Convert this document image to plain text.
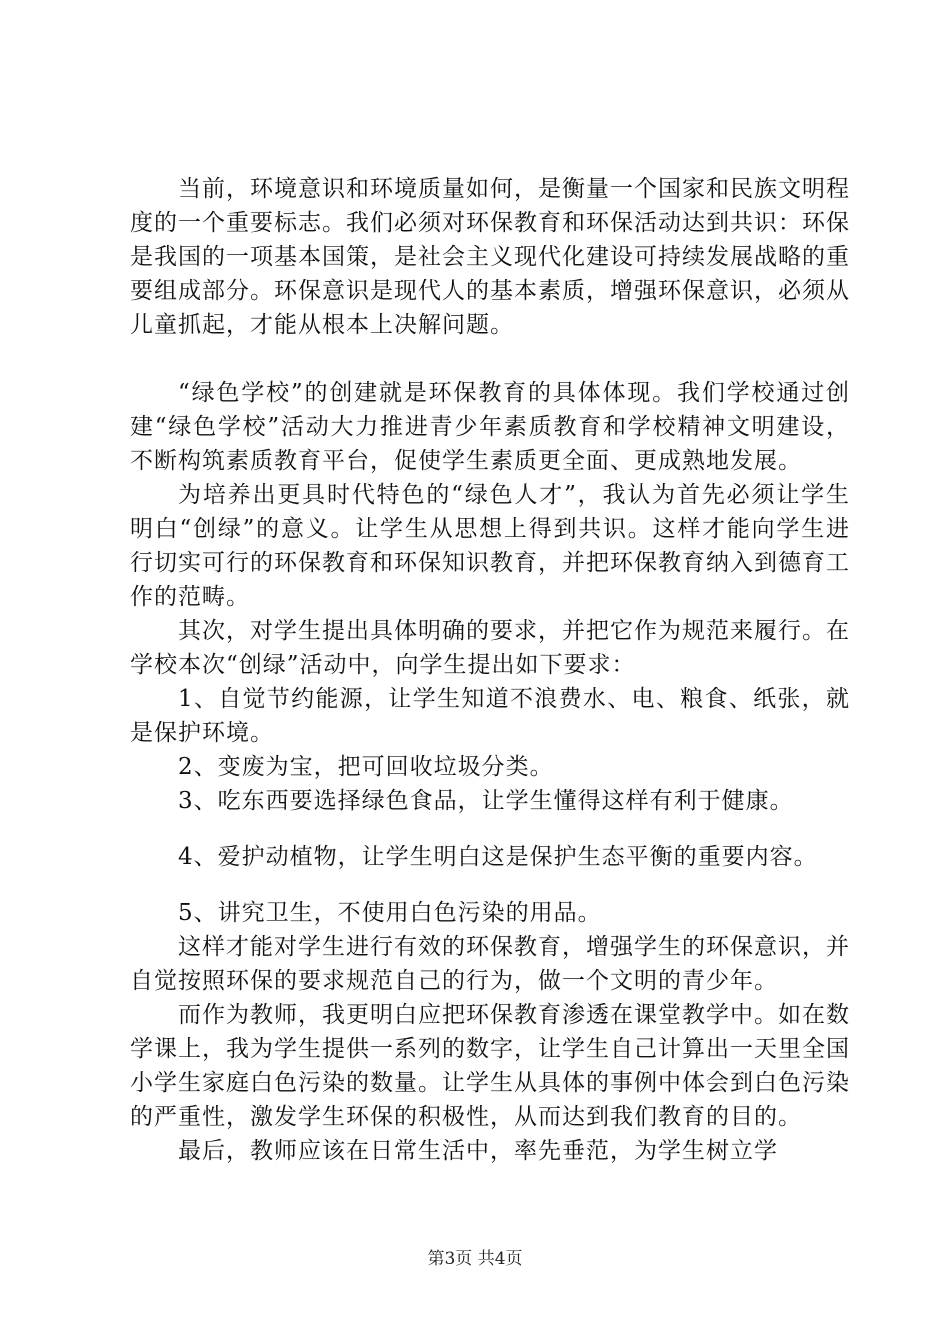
当前，环境意识和环境质量如何，是衡量一个国家和民族文明程度的一个重要标志。我们必须对环保教育和环保活动达到共识：环保是我国的一项基本国策，是社会主义现代化建设可持续发展战略的重要组成部分。环保意识是现代人的基本素质，增强环保意识，必须从儿童抓起，才能从根本上决解问题。

“绿色学校”的创建就是环保教育的具体体现。我们学校通过创建“绿色学校”活动大力推进青少年素质教育和学校精神文明建设，不断构筑素质教育平台，促使学生素质更全面、更成熟地发展。

为培养出更具时代特色的“绿色人才”，我认为首先必须让学生明白“创绿”的意义。让学生从思想上得到共识。这样才能向学生进行切实可行的环保教育和环保知识教育，并把环保教育纳入到德育工作的范畴。

其次，对学生提出具体明确的要求，并把它作为规范来履行。在学校本次“创绿”活动中，向学生提出如下要求：

1、自觉节约能源，让学生知道不浪费水、电、粮食、纸张，就是保护环境。

2、变废为宝，把可回收垃圾分类。

3、吃东西要选择绿色食品，让学生懂得这样有利于健康。

4、爱护动植物，让学生明白这是保护生态平衡的重要内容。

5、讲究卫生，不使用白色污染的用品。

这样才能对学生进行有效的环保教育，增强学生的环保意识，并自觉按照环保的要求规范自己的行为，做一个文明的青少年。

而作为教师，我更明白应把环保教育渗透在课堂教学中。如在数学课上，我为学生提供一系列的数字，让学生自己计算出一天里全国小学生家庭白色污染的数量。让学生从具体的事例中体会到白色污染的严重性，激发学生环保的积极性，从而达到我们教育的目的。

最后，教师应该在日常生活中，率先垂范，为学生树立学

第3页 共4页
